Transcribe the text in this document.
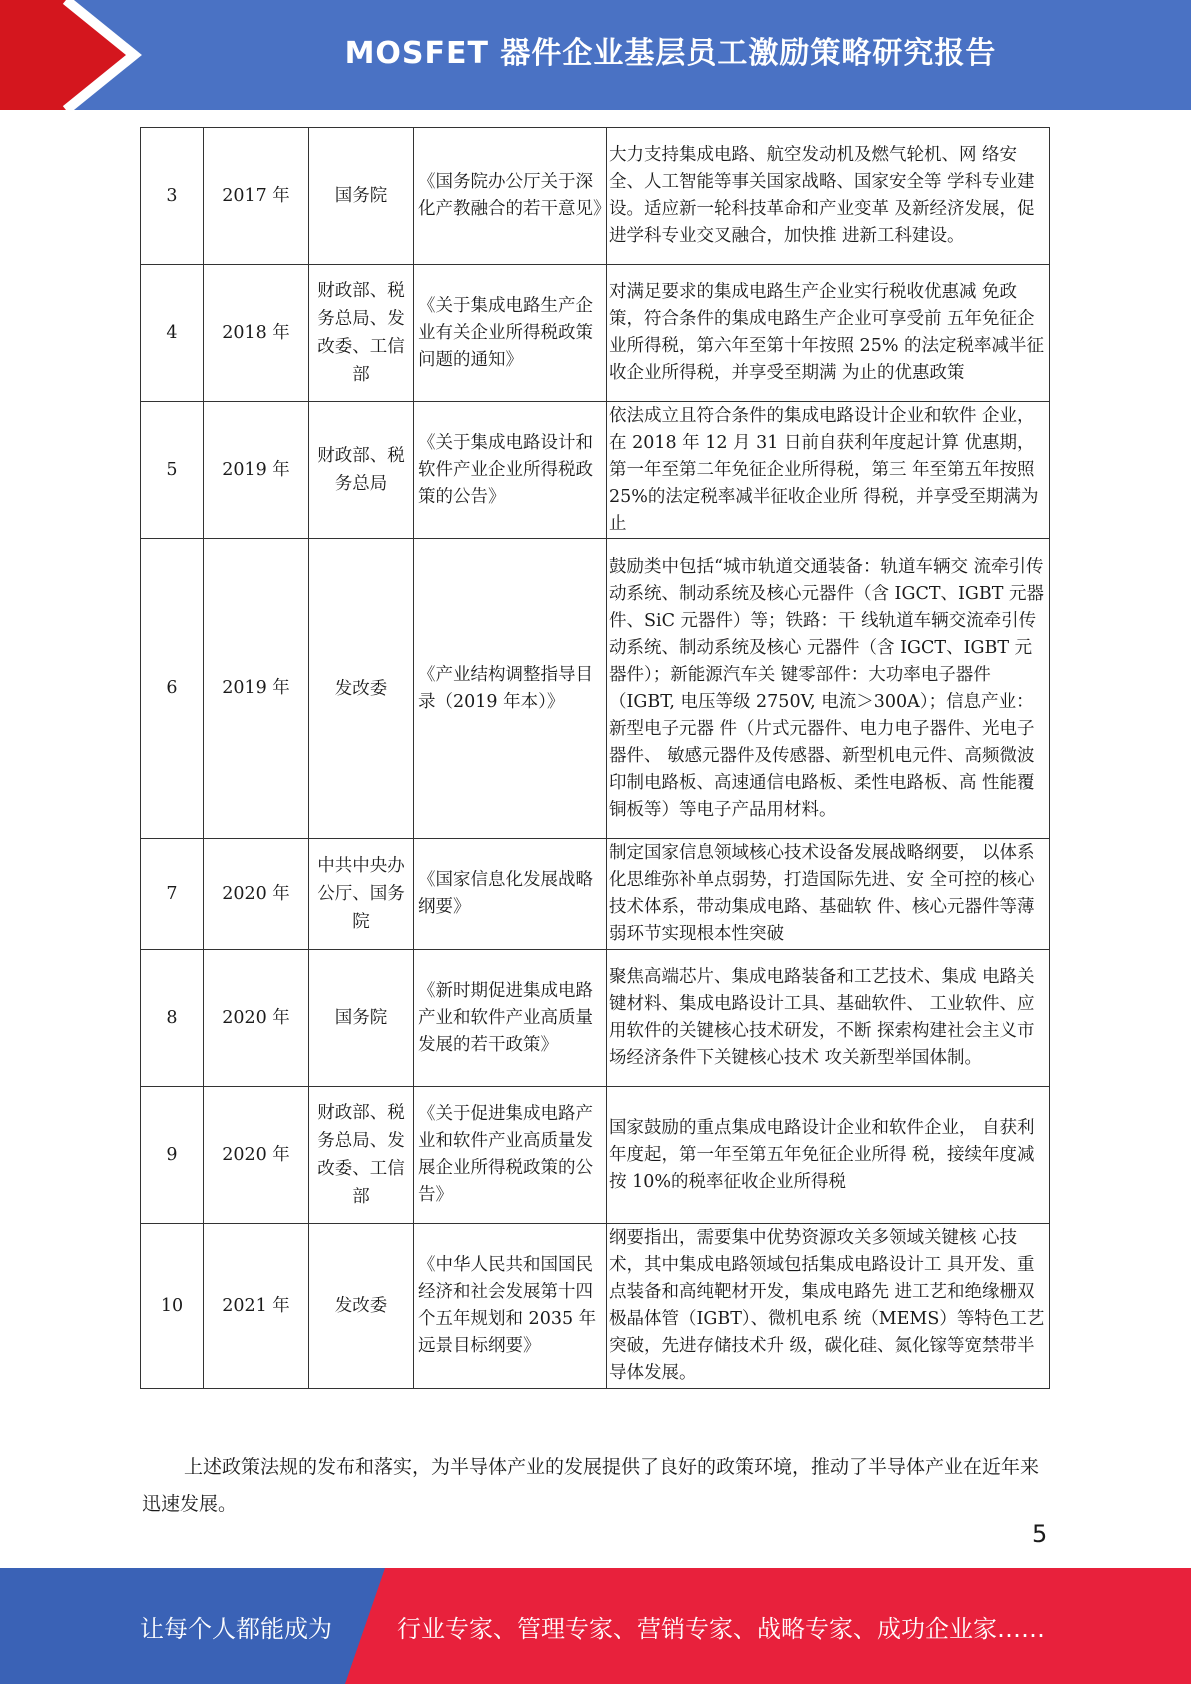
MOSFET 器件企业基层员工激励策略研究报告
3	2017 年	国务院	《国务院办公厅关于深化产教融合的若干意见》	大力支持集成电路、航空发动机及燃气轮机、网 络安全、人工智能等事关国家战略、国家安全等 学科专业建设。适应新一轮科技革命和产业变革 及新经济发展，促进学科专业交叉融合，加快推 进新工科建设。
4	2018 年	财政部、税务总局、发改委、工信部	《关于集成电路生产企业有关企业所得税政策问题的通知》	对满足要求的集成电路生产企业实行税收优惠减 免政策，符合条件的集成电路生产企业可享受前 五年免征企业所得税，第六年至第十年按照 25% 的法定税率减半征收企业所得税，并享受至期满 为止的优惠政策
5	2019 年	财政部、税务总局	《关于集成电路设计和软件产业企业所得税政策的公告》	依法成立且符合条件的集成电路设计企业和软件 企业，在 2018 年 12 月 31 日前自获利年度起计算 优惠期，第一年至第二年免征企业所得税，第三 年至第五年按照 25%的法定税率减半征收企业所 得税，并享受至期满为止
6	2019 年	发改委	《产业结构调整指导目录（2019 年本）》	鼓励类中包括“城市轨道交通装备：轨道车辆交 流牵引传动系统、制动系统及核心元器件（含 IGCT、IGBT 元器件、SiC 元器件）等；铁路：干 线轨道车辆交流牵引传动系统、制动系统及核心 元器件（含 IGCT、IGBT 元器件）；新能源汽车关 键零部件：大功率电子器件（IGBT, 电压等级 2750V, 电流＞300A）；信息产业：新型电子元器 件（片式元器件、电力电子器件、光电子器件、 敏感元器件及传感器、新型机电元件、高频微波 印制电路板、高速通信电路板、柔性电路板、高 性能覆铜板等）等电子产品用材料。
7	2020 年	中共中央办公厅、国务院	《国家信息化发展战略纲要》	制定国家信息领域核心技术设备发展战略纲要， 以体系化思维弥补单点弱势，打造国际先进、安 全可控的核心技术体系，带动集成电路、基础软 件、核心元器件等薄弱环节实现根本性突破
8	2020 年	国务院	《新时期促进集成电路产业和软件产业高质量发展的若干政策》	聚焦高端芯片、集成电路装备和工艺技术、集成 电路关键材料、集成电路设计工具、基础软件、 工业软件、应用软件的关键核心技术研发，不断 探索构建社会主义市场经济条件下关键核心技术 攻关新型举国体制。
9	2020 年	财政部、税务总局、发改委、工信部	《关于促进集成电路产业和软件产业高质量发展企业所得税政策的公告》	国家鼓励的重点集成电路设计企业和软件企业， 自获利年度起，第一年至第五年免征企业所得 税，接续年度减按 10%的税率征收企业所得税
10	2021 年	发改委	《中华人民共和国国民经济和社会发展第十四个五年规划和 2035 年远景目标纲要》	纲要指出，需要集中优势资源攻关多领域关键核 心技术，其中集成电路领域包括集成电路设计工 具开发、重点装备和高纯靶材开发，集成电路先 进工艺和绝缘栅双极晶体管（IGBT）、微机电系 统（MEMS）等特色工艺突破，先进存储技术升 级，碳化硅、氮化镓等宽禁带半导体发展。

上述政策法规的发布和落实，为半导体产业的发展提供了良好的政策环境，推动了半导体产业在近年来迅速发展。

5
让每个人都能成为	行业专家、管理专家、营销专家、战略专家、成功企业家……
